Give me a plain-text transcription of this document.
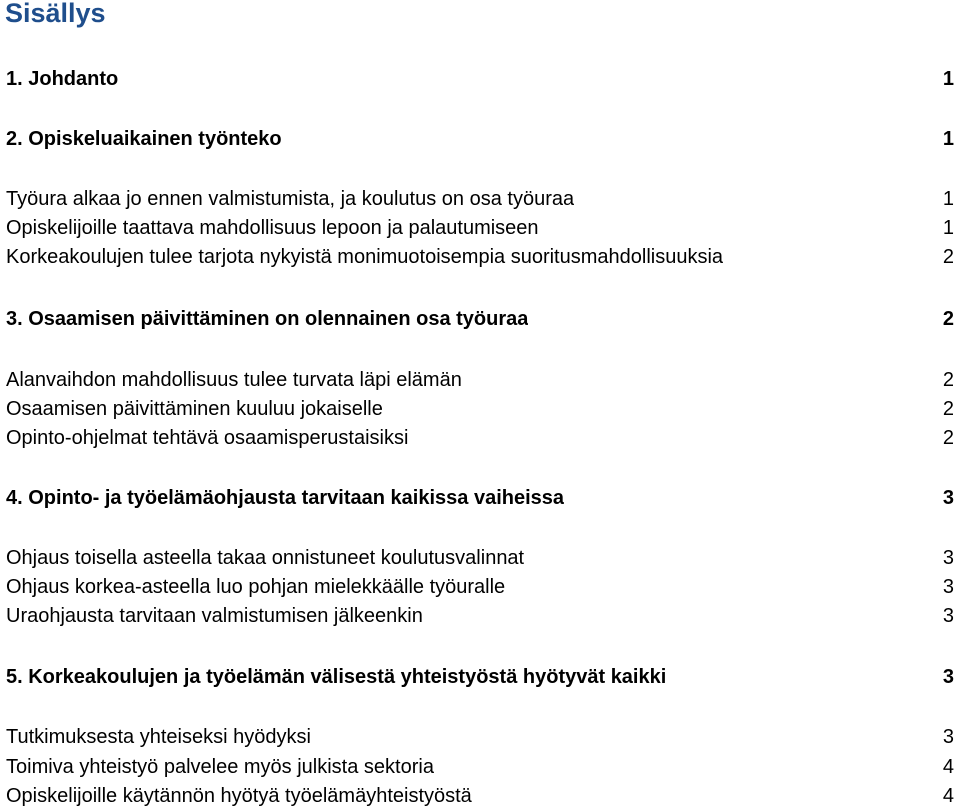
Sisällys
1. Johdanto	1
2. Opiskeluaikainen työnteko	1
Työura alkaa jo ennen valmistumista, ja koulutus on osa työuraa	1
Opiskelijoille taattava mahdollisuus lepoon ja palautumiseen	1
Korkeakoulujen tulee tarjota nykyistä monimuotoisempia suoritusmahdollisuuksia	2
3. Osaamisen päivittäminen on olennainen osa työuraa	2
Alanvaihdon mahdollisuus tulee turvata läpi elämän	2
Osaamisen päivittäminen kuuluu jokaiselle	2
Opinto-ohjelmat tehtävä osaamisperustaisiksi	2
4. Opinto- ja työelämäohjausta tarvitaan kaikissa vaiheissa	3
Ohjaus toisella asteella takaa onnistuneet koulutusvalinnat	3
Ohjaus korkea-asteella luo pohjan mielekkäälle työuralle	3
Uraohjausta tarvitaan valmistumisen jälkeenkin	3
5. Korkeakoulujen ja työelämän välisestä yhteistyöstä hyötyvät kaikki	3
Tutkimuksesta yhteiseksi hyödyksi	3
Toimiva yhteistyö palvelee myös julkista sektoria	4
Opiskelijoille käytännön hyötyä työelämäyhteistyöstä	4
